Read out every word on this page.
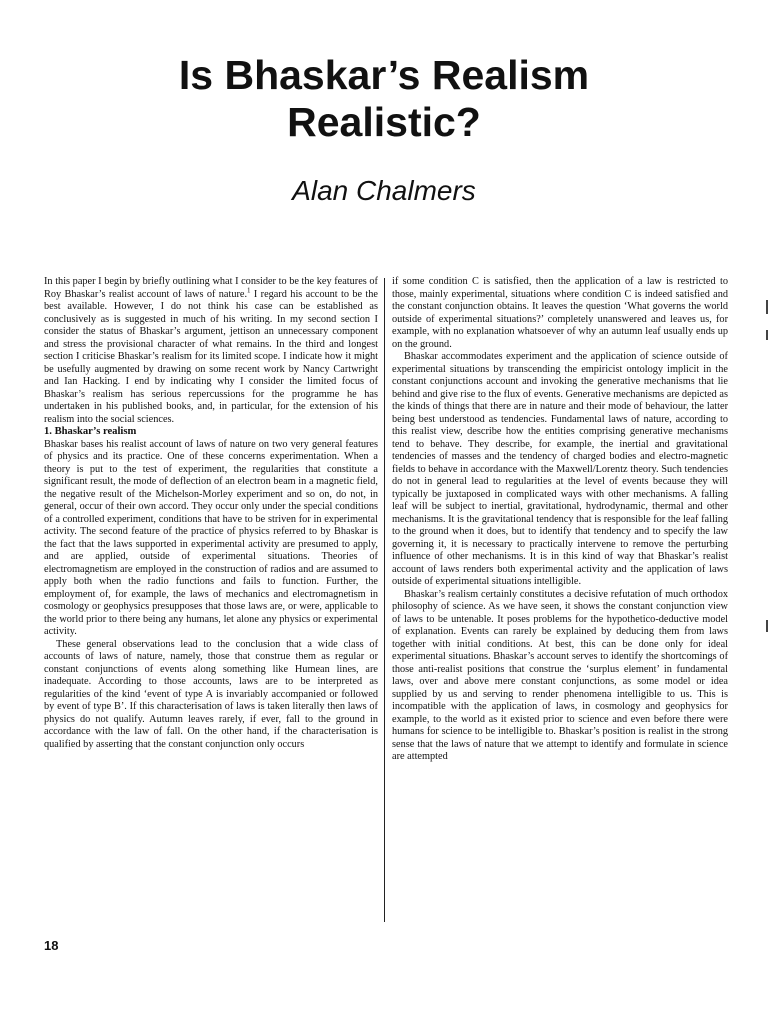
Is Bhaskar’s Realism
Realistic?

Alan Chalmers

In this paper I begin by briefly outlining what I consider to be the key features of Roy Bhaskar’s realist account of laws of nature.$^1$ I regard his account to be the best available. However, I do not think his case can be established as conclusively as is suggested in much of his writing. In my second section I consider the status of Bhaskar’s argument, jettison an unnecessary component and stress the provisional character of what remains. In the third and longest section I criticise Bhaskar’s realism for its limited scope. I indicate how it might be usefully augmented by drawing on some recent work by Nancy Cartwright and Ian Hacking. I end by indicating why I consider the limited focus of Bhaskar’s realism has serious repercussions for the programme he has undertaken in his published books, and, in particular, for the extension of his realism into the social sciences.

1. Bhaskar’s realism

Bhaskar bases his realist account of laws of nature on two very general features of physics and its practice. One of these concerns experimentation. When a theory is put to the test of experiment, the regularities that constitute a significant result, the mode of deflection of an electron beam in a magnetic field, the negative result of the Michelson-Morley experiment and so on, do not, in general, occur of their own accord. They occur only under the special conditions of a controlled experiment, conditions that have to be striven for in experimental activity. The second feature of the practice of physics referred to by Bhaskar is the fact that the laws supported in experimental activity are presumed to apply, and are applied, outside of experimental situations. Theories of electromagnetism are employed in the construction of radios and are assumed to apply both when the radio functions and fails to function. Further, the employment of, for example, the laws of mechanics and electromagnetism in cosmology or geophysics presupposes that those laws are, or were, applicable to the world prior to there being any humans, let alone any physics or experimental activity.

These general observations lead to the conclusion that a wide class of accounts of laws of nature, namely, those that construe them as regular or constant conjunctions of events along something like Humean lines, are inadequate. According to those accounts, laws are to be interpreted as regularities of the kind ‘event of type A is invariably accompanied or followed by event of type B’. If this characterisation of laws is taken literally then laws of physics do not qualify. Autumn leaves rarely, if ever, fall to the ground in accordance with the law of fall. On the other hand, if the characterisation is qualified by asserting that the constant conjunction only occurs

if some condition C is satisfied, then the application of a law is restricted to those, mainly experimental, situations where condition C is indeed satisfied and the constant conjunction obtains. It leaves the question ‘What governs the world outside of experimental situations?’ completely unanswered and leaves us, for example, with no explanation whatsoever of why an autumn leaf usually ends up on the ground.

Bhaskar accommodates experiment and the application of science outside of experimental situations by transcending the empiricist ontology implicit in the constant conjunctions account and invoking the generative mechanisms that lie behind and give rise to the flux of events. Generative mechanisms are depicted as the kinds of things that there are in nature and their mode of behaviour, the latter being best understood as tendencies. Fundamental laws of nature, according to this realist view, describe how the entities comprising generative mechanisms tend to behave. They describe, for example, the inertial and gravitational tendencies of masses and the tendency of charged bodies and electro-magnetic fields to behave in accordance with the Maxwell/Lorentz theory. Such tendencies do not in general lead to regularities at the level of events because they will typically be juxtaposed in complicated ways with other mechanisms. A falling leaf will be subject to inertial, gravitational, hydrodynamic, thermal and other mechanisms. It is the gravitational tendency that is responsible for the leaf falling to the ground when it does, but to identify that tendency and to specify the law governing it, it is necessary to practically intervene to remove the perturbing influence of other mechanisms. It is in this kind of way that Bhaskar’s realist account of laws renders both experimental activity and the application of laws outside of experimental situations intelligible.

Bhaskar’s realism certainly constitutes a decisive refutation of much orthodox philosophy of science. As we have seen, it shows the constant conjunction view of laws to be untenable. It poses problems for the hypothetico-deductive model of explanation. Events can rarely be explained by deducing them from laws together with initial conditions. At best, this can be done only for ideal experimental situations. Bhaskar’s account serves to identify the shortcomings of those anti-realist positions that construe the ‘surplus element’ in fundamental laws, over and above mere constant conjunctions, as some model or idea supplied by us and serving to render phenomena intelligible to us. This is incompatible with the application of laws, in cosmology and geophysics for example, to the world as it existed prior to science and even before there were humans for science to be intelligible to. Bhaskar’s position is realist in the strong sense that the laws of nature that we attempt to identify and formulate in science are attempted

18
